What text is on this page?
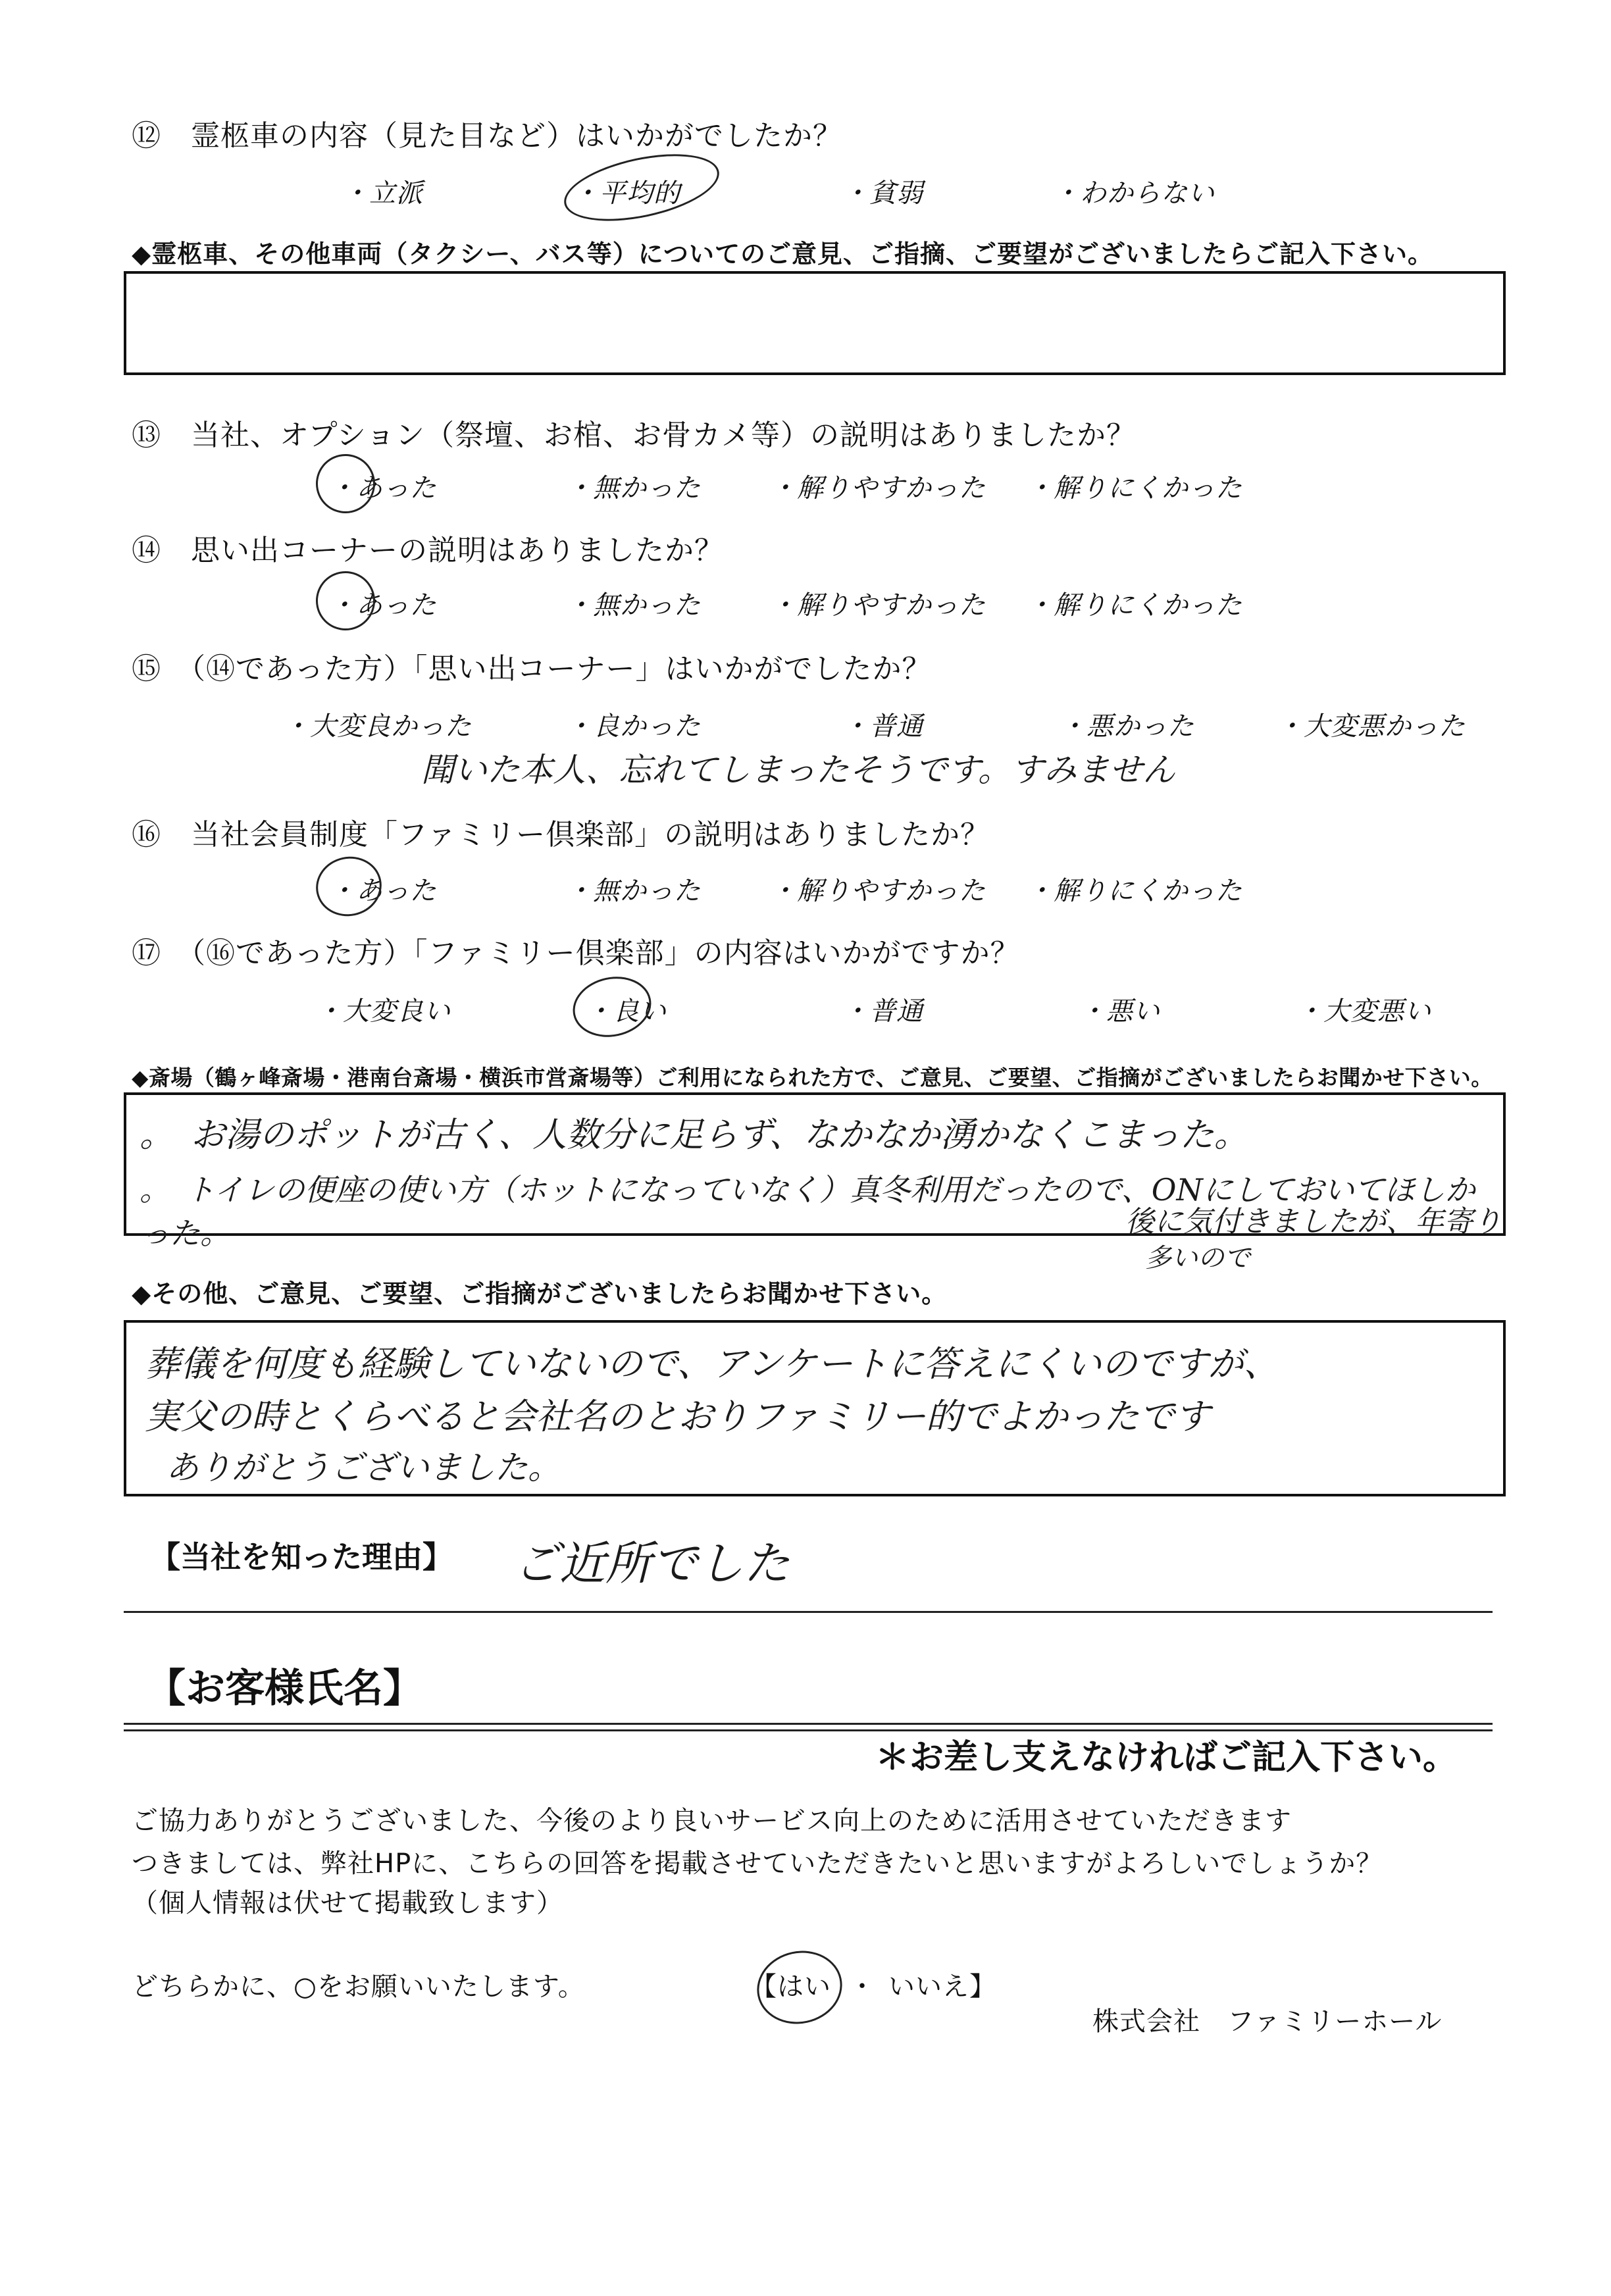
⑫　霊柩車の内容（見た目など）はいかがでしたか？
・立派	・平均的	・貧弱	・わからない
◆霊柩車、その他車両（タクシー、バス等）についてのご意見、ご指摘、ご要望がございましたらご記入下さい。
⑬　当社、オプション（祭壇、お棺、お骨カメ等）の説明はありましたか？
・あった	・無かった	・解りやすかった ・解りにくかった
⑭　思い出コーナーの説明はありましたか？
・あった	・無かった	・解りやすかった ・解りにくかった
⑮　（⑭であった方）「思い出コーナー」はいかがでしたか？
・大変良かった	・良かった	・普通	・悪かった	・大変悪かった
聞いた本人、忘れてしまったそうです。すみません
⑯　当社会員制度「ファミリー倶楽部」の説明はありましたか？
・あった	・無かった	・解りやすかった ・解りにくかった
⑰　（⑯であった方）「ファミリー倶楽部」の内容はいかがですか？
・大変良い	・良い	・普通	・悪い	・大変悪い
◆斎場（鶴ヶ峰斎場・港南台斎場・横浜市営斎場等）ご利用になられた方で、ご意見、ご要望、ご指摘がございましたらお聞かせ下さい。
。　お湯のポットが古く、人数分に足らず、なかなか湧かなくこまった。
。　トイレの便座の使い方（ホットになっていなく）真冬利用だったので、ONにしておいてほしかった。	後に気付きましたが、年寄り
多いので
◆その他、ご意見、ご要望、ご指摘がございましたらお聞かせ下さい。
葬儀を何度も経験していないので、アンケートに答えにくいのですが、
実父の時とくらべると会社名のとおりファミリー的でよかったです
ありがとうございました。
【当社を知った理由】 ご近所でした
【お客様氏名】
＊お差し支えなければご記入下さい。
ご協力ありがとうございました、今後のより良いサービス向上のために活用させていただきます
つきましては、弊社HPに、こちらの回答を掲載させていただきたいと思いますがよろしいでしょうか？
（個人情報は伏せて掲載致します）
どちらかに、○をお願いいたします。	【はい ・ いいえ】
株式会社　ファミリーホール
